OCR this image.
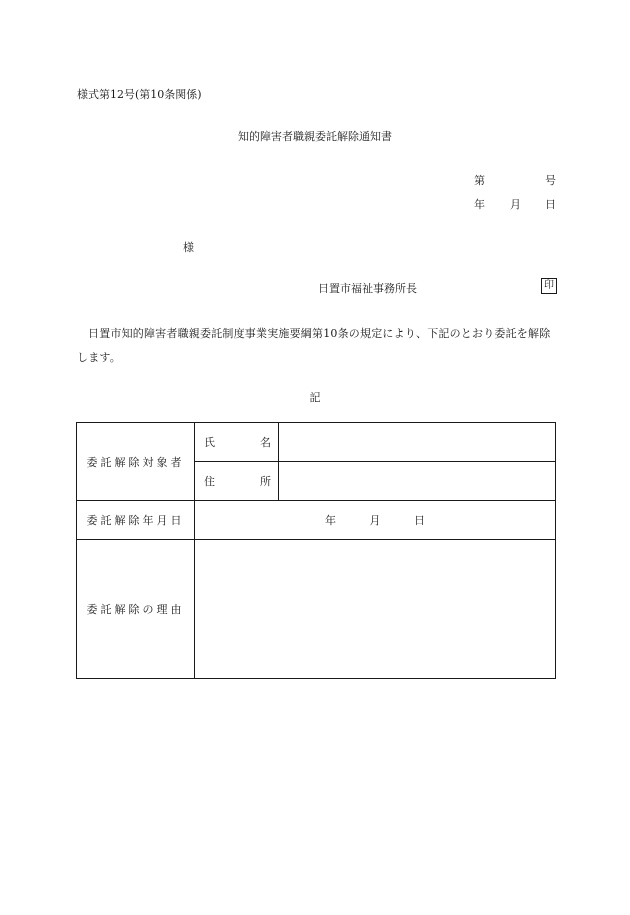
様式第12号(第10条関係)
知的障害者職親委託解除通知書
第	号
年 月 日
様
日置市福祉事務所長	印
日置市知的障害者職親委託制度事業実施要綱第10条の規定により、下記のとおり委託を解除します。
記
委託解除対象者	氏 名	

	住 所	

委託解除年月日	年 月 日	
委託解除の理由		
